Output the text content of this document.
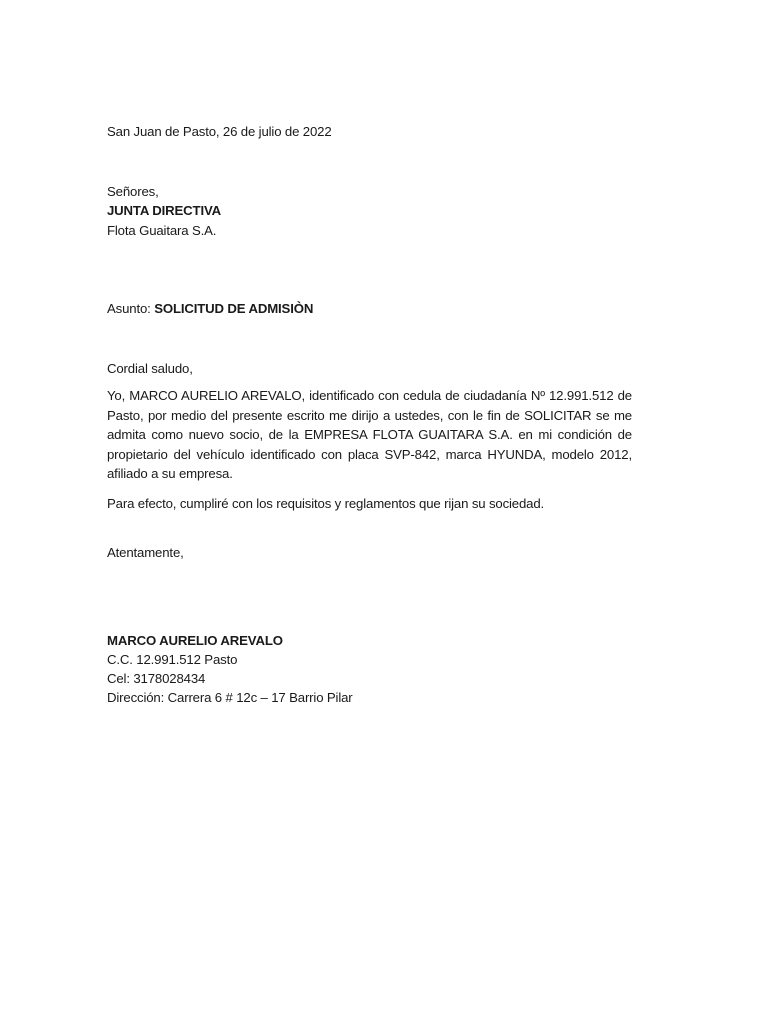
San Juan de Pasto, 26 de julio de 2022
Señores,
JUNTA DIRECTIVA
Flota Guaitara S.A.
Asunto: SOLICITUD DE ADMISIÒN
Cordial saludo,

Yo, MARCO AURELIO AREVALO, identificado con cedula de ciudadanía Nº 12.991.512 de Pasto, por medio del presente escrito me dirijo a ustedes, con le fin de SOLICITAR se me admita como nuevo socio, de la EMPRESA FLOTA GUAITARA S.A. en mi condición de propietario del vehículo identificado con placa SVP-842, marca HYUNDA, modelo 2012, afiliado a su empresa.

Para efecto, cumpliré con los requisitos y reglamentos que rijan su sociedad.

Atentamente,
MARCO AURELIO AREVALO
C.C. 12.991.512 Pasto
Cel: 3178028434
Dirección: Carrera 6 # 12c – 17 Barrio Pilar
